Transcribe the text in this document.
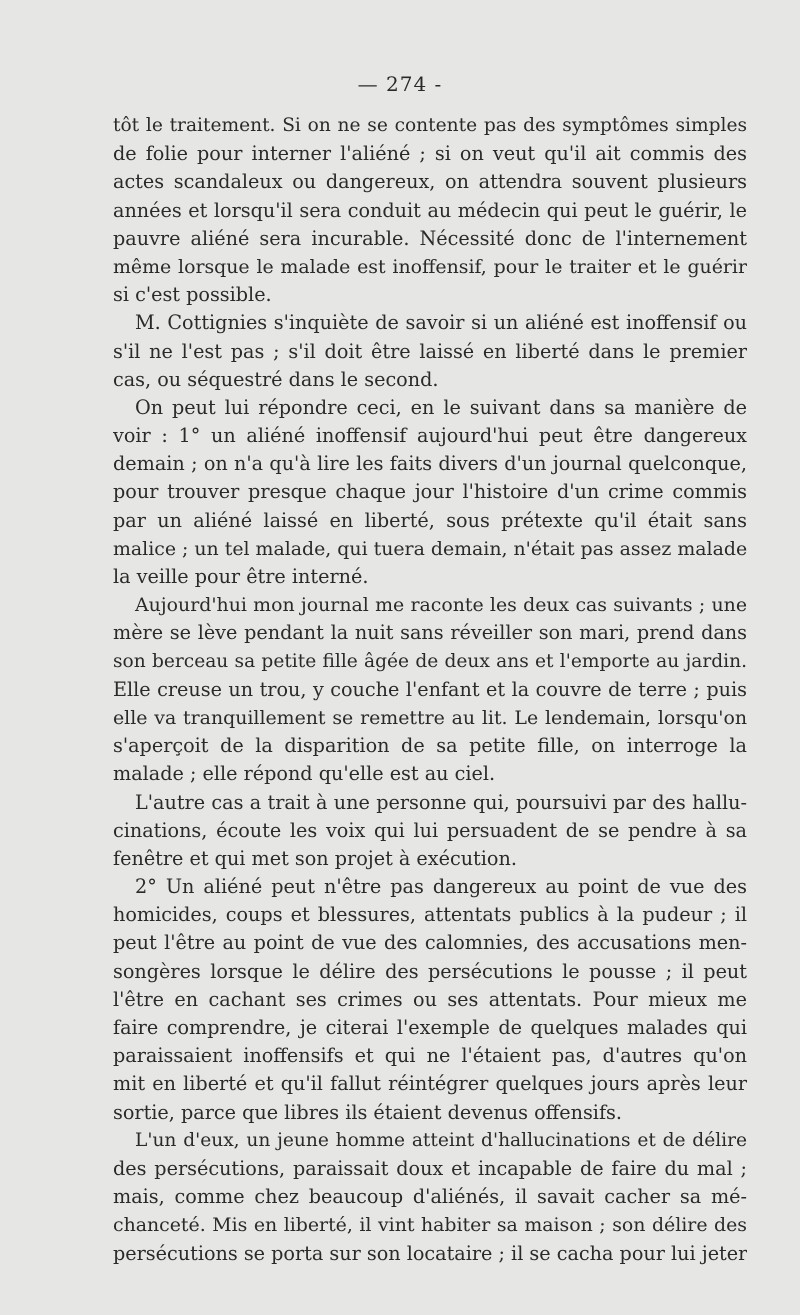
— 274 -
tôt le traitement. Si on ne se contente pas des symptômes simples
de folie pour interner l'aliéné ; si on veut qu'il ait commis des
actes scandaleux ou dangereux, on attendra souvent plusieurs
années et lorsqu'il sera conduit au médecin qui peut le guérir, le
pauvre aliéné sera incurable. Nécessité donc de l'internement
même lorsque le malade est inoffensif, pour le traiter et le guérir
si c'est possible.
M. Cottignies s'inquiète de savoir si un aliéné est inoffensif ou
s'il ne l'est pas ; s'il doit être laissé en liberté dans le premier
cas, ou séquestré dans le second.
On peut lui répondre ceci, en le suivant dans sa manière de
voir : 1° un aliéné inoffensif aujourd'hui peut être dangereux
demain ; on n'a qu'à lire les faits divers d'un journal quelconque,
pour trouver presque chaque jour l'histoire d'un crime commis
par un aliéné laissé en liberté, sous prétexte qu'il était sans
malice ; un tel malade, qui tuera demain, n'était pas assez malade
la veille pour être interné.
Aujourd'hui mon journal me raconte les deux cas suivants ; une
mère se lève pendant la nuit sans réveiller son mari, prend dans
son berceau sa petite fille âgée de deux ans et l'emporte au jardin.
Elle creuse un trou, y couche l'enfant et la couvre de terre ; puis
elle va tranquillement se remettre au lit. Le lendemain, lorsqu'on
s'aperçoit de la disparition de sa petite fille, on interroge la
malade ; elle répond qu'elle est au ciel.
L'autre cas a trait à une personne qui, poursuivi par des hallu-
cinations, écoute les voix qui lui persuadent de se pendre à sa
fenêtre et qui met son projet à exécution.
2° Un aliéné peut n'être pas dangereux au point de vue des
homicides, coups et blessures, attentats publics à la pudeur ; il
peut l'être au point de vue des calomnies, des accusations men-
songères lorsque le délire des persécutions le pousse ; il peut
l'être en cachant ses crimes ou ses attentats. Pour mieux me
faire comprendre, je citerai l'exemple de quelques malades qui
paraissaient inoffensifs et qui ne l'étaient pas, d'autres qu'on
mit en liberté et qu'il fallut réintégrer quelques jours après leur
sortie, parce que libres ils étaient devenus offensifs.
L'un d'eux, un jeune homme atteint d'hallucinations et de délire
des persécutions, paraissait doux et incapable de faire du mal ;
mais, comme chez beaucoup d'aliénés, il savait cacher sa mé-
chanceté. Mis en liberté, il vint habiter sa maison ; son délire des
persécutions se porta sur son locataire ; il se cacha pour lui jeter
